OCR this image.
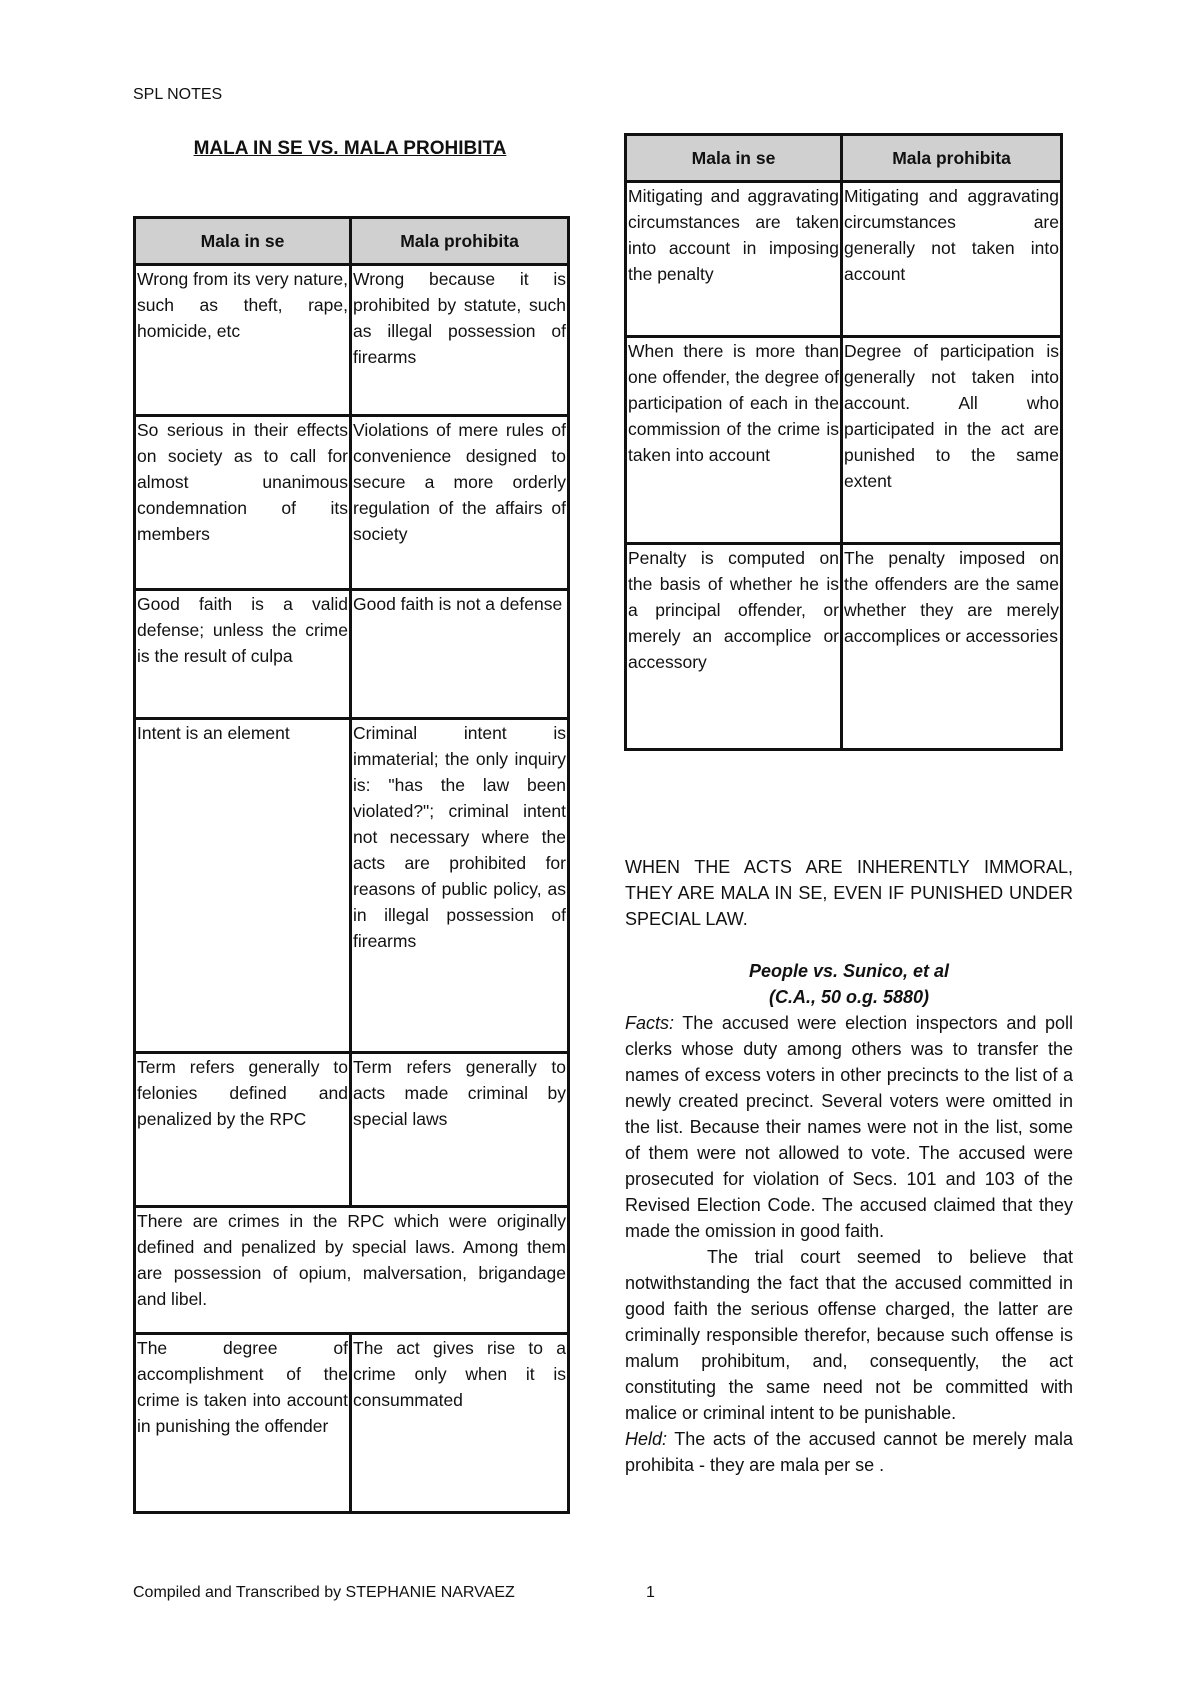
SPL NOTES
MALA IN SE VS. MALA PROHIBITA
Mala in se	Mala prohibita
Wrong from its very nature, such as theft, rape, homicide, etc	Wrong because it is prohibited by statute, such as illegal possession of firearms
So serious in their effects on society as to call for almost unanimous condemnation of its members	Violations of mere rules of convenience designed to secure a more orderly regulation of the affairs of society
Good faith is a valid defense; unless the crime is the result of culpa	Good faith is not a defense
Intent is an element	Criminal intent is immaterial; the only inquiry is: "has the law been violated?"; criminal intent not necessary where the acts are prohibited for reasons of public policy, as in illegal possession of firearms
Term refers generally to felonies defined and penalized by the RPC	Term refers generally to acts made criminal by special laws
There are crimes in the RPC which were originally defined and penalized by special laws. Among them are possession of opium, malversation, brigandage and libel.	
The degree of accomplishment of the crime is taken into account in punishing the offender	The act gives rise to a crime only when it is consummated
Mala in se	Mala prohibita
Mitigating and aggravating circumstances are taken into account in imposing the penalty	Mitigating and aggravating circumstances are generally not taken into account
When there is more than one offender, the degree of participation of each in the commission of the crime is taken into account	Degree of participation is generally not taken into account. All who participated in the act are punished to the same extent
Penalty is computed on the basis of whether he is a principal offender, or merely an accomplice or accessory	The penalty imposed on the offenders are the same whether they are merely accomplices or accessories
WHEN THE ACTS ARE INHERENTLY IMMORAL, THEY ARE MALA IN SE, EVEN IF PUNISHED UNDER SPECIAL LAW.
People vs. Sunico, et al
(C.A., 50 o.g. 5880)
Facts: The accused were election inspectors and poll clerks whose duty among others was to transfer the names of excess voters in other precincts to the list of a newly created precinct. Several voters were omitted in the list. Because their names were not in the list, some of them were not allowed to vote. The accused were prosecuted for violation of Secs. 101 and 103 of the Revised Election Code. The accused claimed that they made the omission in good faith.
The trial court seemed to believe that notwithstanding the fact that the accused committed in good faith the serious offense charged, the latter are criminally responsible therefor, because such offense is malum prohibitum, and, consequently, the act constituting the same need not be committed with malice or criminal intent to be punishable.
Held: The acts of the accused cannot be merely mala prohibita - they are mala per se .
Compiled and Transcribed by STEPHANIE NARVAEZ	1
